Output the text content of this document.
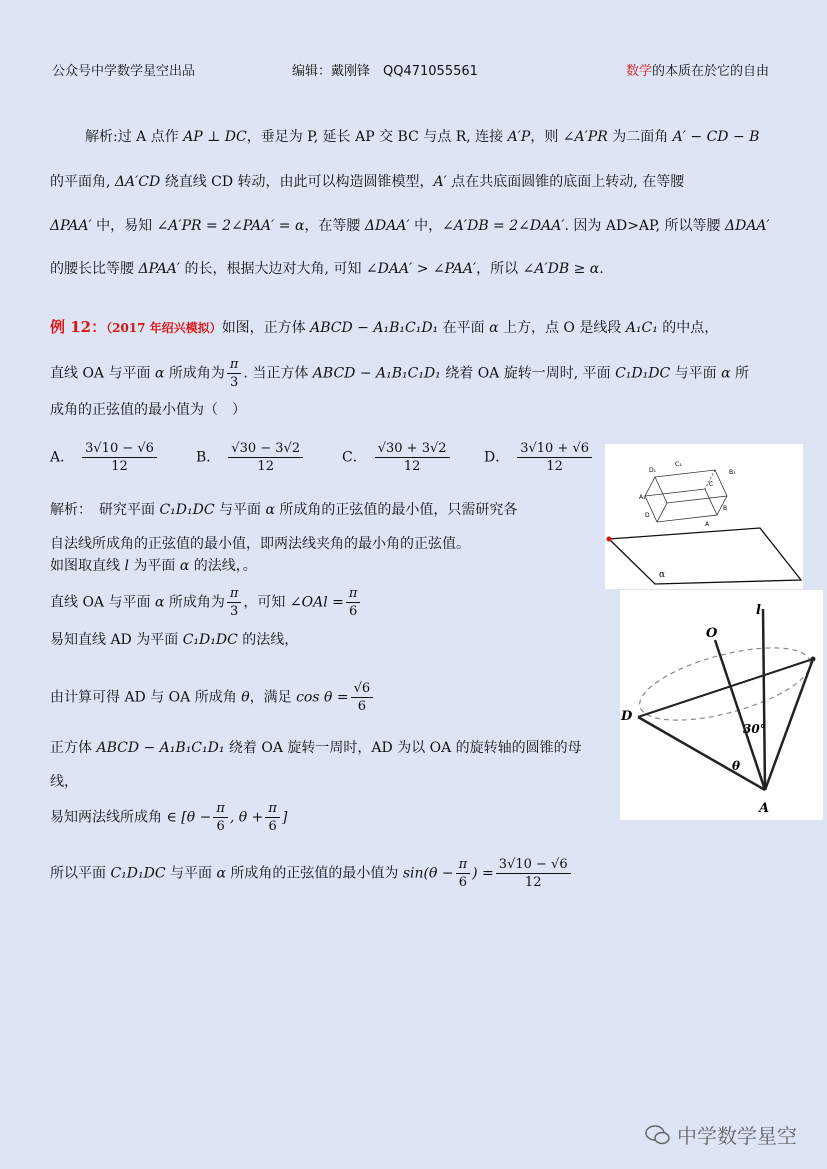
公众号中学数学星空出品	编辑：戴刚锋　QQ471055561	数学的本质在於它的自由
解析:过 A 点作 AP ⊥ DC，垂足为 P, 延长 AP 交 BC 与点 R, 连接 A′P，则 ∠A′PR 为二面角 A′ − CD − B
的平面角, ΔA′CD 绕直线 CD 转动，由此可以构造圆锥模型，A′ 点在共底面圆锥的底面上转动, 在等腰
ΔPAA′ 中，易知 ∠A′PR = 2∠PAA′ = α，在等腰 ΔDAA′ 中，∠A′DB = 2∠DAA′. 因为 AD>AP, 所以等腰 ΔDAA′
的腰长比等腰 ΔPAA′ 的长，根据大边对大角, 可知 ∠DAA′ > ∠PAA′，所以 ∠A′DB ≥ α.
例 12：（2017 年绍兴模拟）如图，正方体 ABCD − A₁B₁C₁D₁ 在平面 α 上方，点 O 是线段 A₁C₁ 的中点，
直线 OA 与平面 α 所成角为 $\frac{\pi}{3}$ . 当正方体 ABCD − A₁B₁C₁D₁ 绕着 OA 旋转一周时, 平面 C₁D₁DC 与平面 α 所
成角的正弦值的最小值为（　）
A． $\frac{3√10 - √6}{12}$	B． $\frac{√30 - 3√2}{12}$	C． $\frac{√30 + 3√2}{12}$ D． $\frac{3√10 + √6}{12}$
解析：　研究平面 C₁D₁DC 与平面 α 所成角的正弦值的最小值，只需研究各
自法线所成角的正弦值的最小值，即两法线夹角的最小角的正弦值。
如图取直线 l 为平面 α 的法线，。
直线 OA 与平面 α 所成角为 $\frac{\pi}{3}$ ，可知 ∠OAl = $\frac{\pi}{6}$
易知直线 AD 为平面 C₁D₁DC 的法线，
由计算可得 AD 与 OA 所成角 θ，满足 $\cos \theta = \frac{√6}{6}$
正方体 ABCD − A₁B₁C₁D₁ 绕着 OA 旋转一周时，AD 为以 OA 的旋转轴的圆锥的母
线，
易知两法线所成角 ∈ [$\theta - \frac{\pi}{6}$ , $\theta + \frac{\pi}{6}$ ]
所以平面 C₁D₁DC 与平面 α 所成角的正弦值的最小值为 $\sin(\theta - \frac{\pi}{6}$ ) = $\frac{3√10 - √6}{12}$
α
C₁
D₁	B₁
D
C
A
B
A₁
l
O
D
A
30°
θ
中学数学星空
